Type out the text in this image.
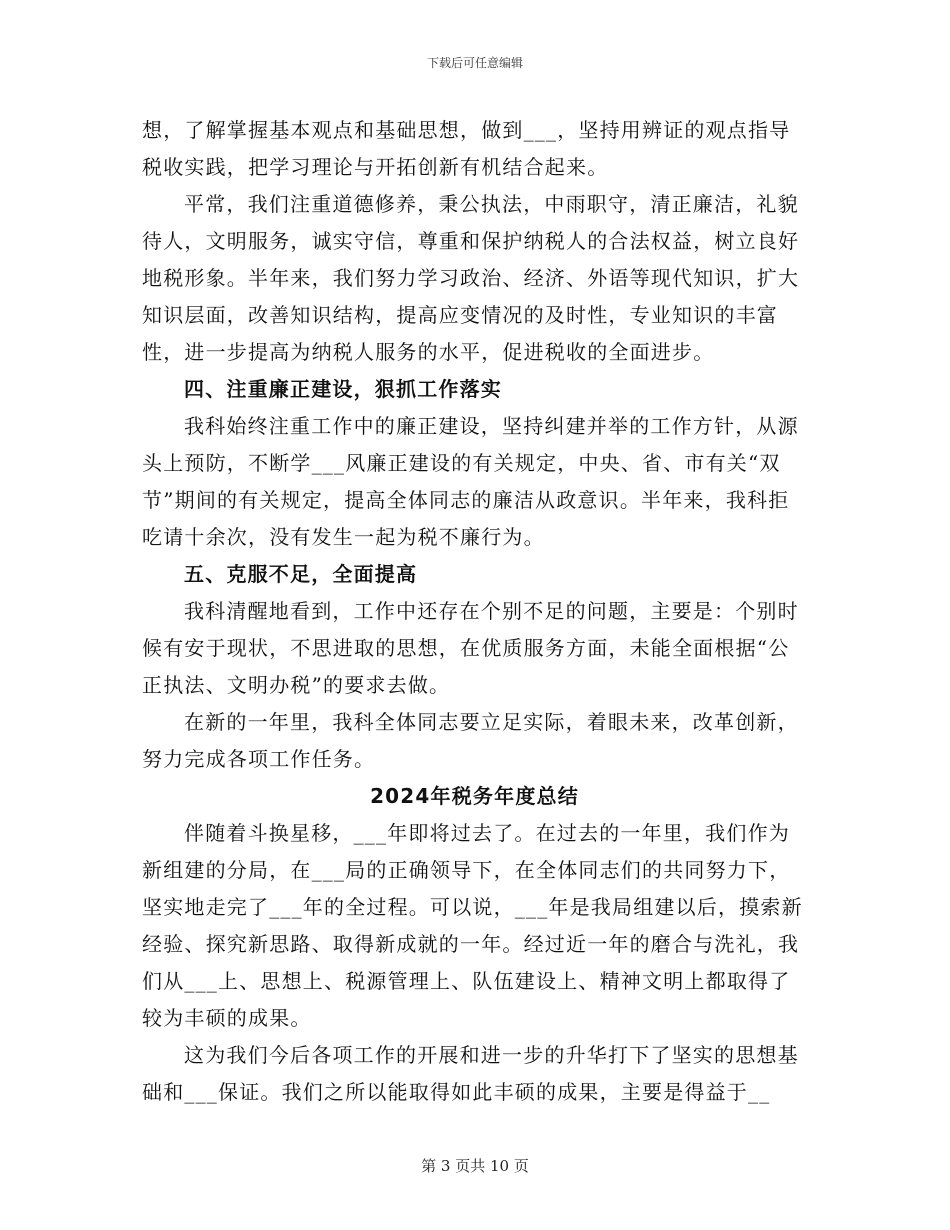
下载后可任意编辑

想，了解掌握基本观点和基础思想，做到___，坚持用辨证的观点指导税收实践，把学习理论与开拓创新有机结合起来。

平常，我们注重道德修养，秉公执法，中雨职守，清正廉洁，礼貌待人，文明服务，诚实守信，尊重和保护纳税人的合法权益，树立良好地税形象。半年来，我们努力学习政治、经济、外语等现代知识，扩大知识层面，改善知识结构，提高应变情况的及时性，专业知识的丰富性，进一步提高为纳税人服务的水平，促进税收的全面进步。

四、注重廉正建设，狠抓工作落实

我科始终注重工作中的廉正建设，坚持纠建并举的工作方针，从源头上预防，不断学___风廉正建设的有关规定，中央、省、市有关“双节”期间的有关规定，提高全体同志的廉洁从政意识。半年来，我科拒吃请十余次，没有发生一起为税不廉行为。

五、克服不足，全面提高

我科清醒地看到，工作中还存在个别不足的问题，主要是：个别时候有安于现状，不思进取的思想，在优质服务方面，未能全面根据“公正执法、文明办税”的要求去做。

在新的一年里，我科全体同志要立足实际，着眼未来，改革创新，努力完成各项工作任务。

2024年税务年度总结

伴随着斗换星移，___年即将过去了。在过去的一年里，我们作为新组建的分局，在___局的正确领导下，在全体同志们的共同努力下，坚实地走完了___年的全过程。可以说，___年是我局组建以后，摸索新经验、探究新思路、取得新成就的一年。经过近一年的磨合与洗礼，我们从___上、思想上、税源管理上、队伍建设上、精神文明上都取得了较为丰硕的成果。

这为我们今后各项工作的开展和进一步的升华打下了坚实的思想基础和___保证。我们之所以能取得如此丰硕的成果，主要是得益于__

第 3 页共 10 页
